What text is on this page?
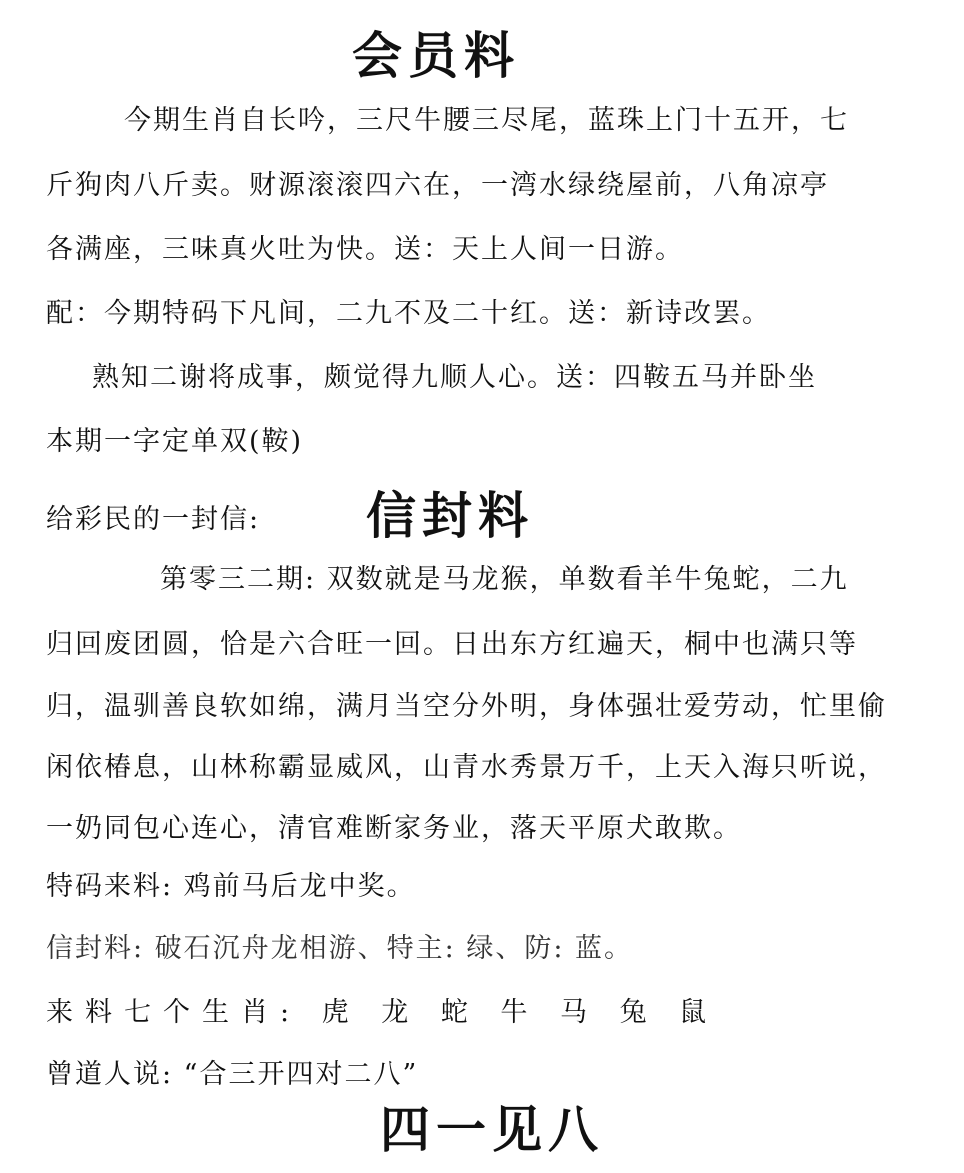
会员料
今期生肖自长吟，三尺牛腰三尽尾，蓝珠上门十五开，七
斤狗肉八斤卖。财源滚滚四六在，一湾水绿绕屋前，八角凉亭
各满座，三味真火吐为快。送：天上人间一日游。
配：今期特码下凡间，二九不及二十红。送：新诗改罢。
熟知二谢将成事，颇觉得九顺人心。送：四鞍五马并卧坐
本期一字定单双(鞍)
给彩民的一封信: 信封料
第零三二期: 双数就是马龙猴，单数看羊牛兔蛇，二九
归回废团圆，恰是六合旺一回。日出东方红遍天，桐中也满只等
归，温驯善良软如绵，满月当空分外明，身体强壮爱劳动，忙里偷
闲依椿息，山林称霸显威风，山青水秀景万千，上天入海只听说，
一奶同包心连心，清官难断家务业，落天平原犬敢欺。
特码来料: 鸡前马后龙中奖。
信封料: 破石沉舟龙相游、特主: 绿、防: 蓝。
来料七个生肖: 虎 龙 蛇 牛 马 兔 鼠
曾道人说: “合三开四对二八”
四一见八
